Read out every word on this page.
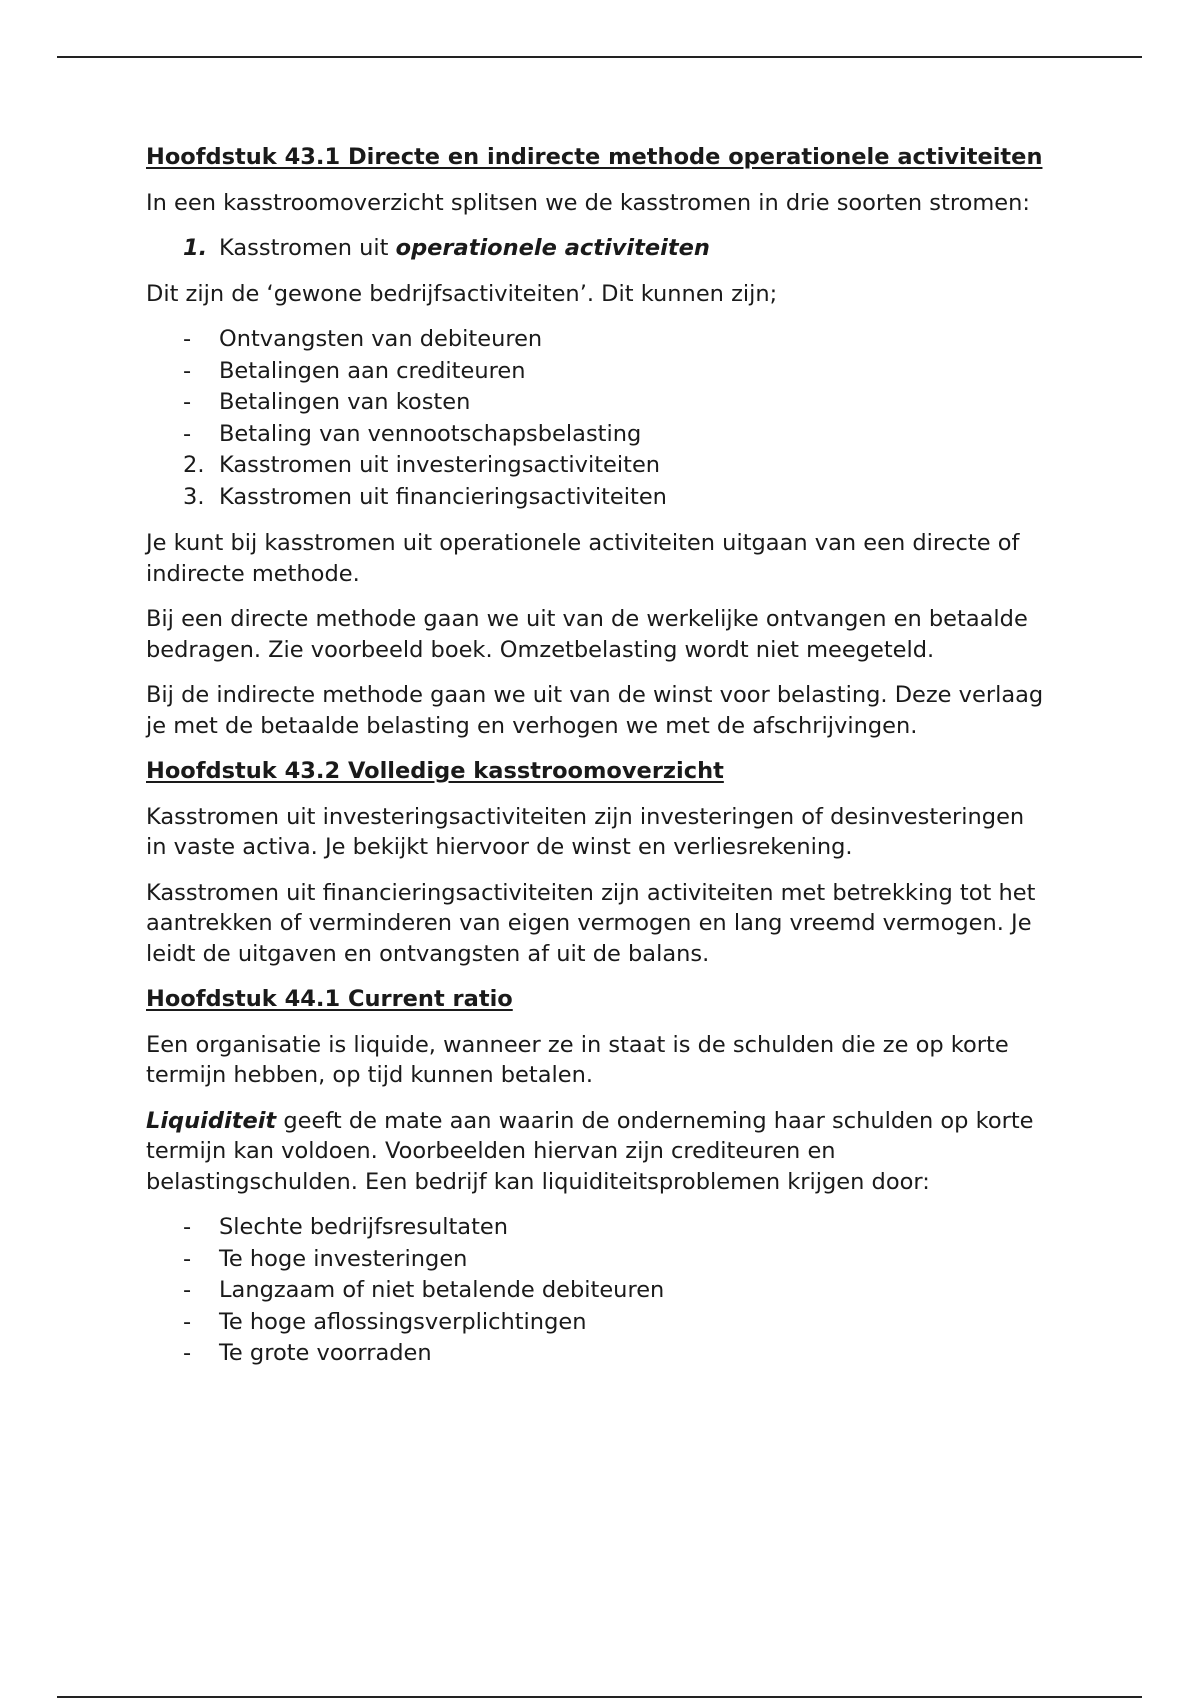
Hoofdstuk 43.1 Directe en indirecte methode operationele activiteiten
In een kasstroomoverzicht splitsen we de kasstromen in drie soorten stromen:
1. Kasstromen uit operationele activiteiten
Dit zijn de ‘gewone bedrijfsactiviteiten’. Dit kunnen zijn;
-	Ontvangsten van debiteuren
-	Betalingen aan crediteuren
-	Betalingen van kosten
-	Betaling van vennootschapsbelasting
2. Kasstromen uit investeringsactiviteiten
3. Kasstromen uit financieringsactiviteiten
Je kunt bij kasstromen uit operationele activiteiten uitgaan van een directe of indirecte methode.
Bij een directe methode gaan we uit van de werkelijke ontvangen en betaalde bedragen. Zie voorbeeld boek. Omzetbelasting wordt niet meegeteld.
Bij de indirecte methode gaan we uit van de winst voor belasting. Deze verlaag je met de betaalde belasting en verhogen we met de afschrijvingen.
Hoofdstuk 43.2 Volledige kasstroomoverzicht
Kasstromen uit investeringsactiviteiten zijn investeringen of desinvesteringen in vaste activa. Je bekijkt hiervoor de winst en verliesrekening.
Kasstromen uit financieringsactiviteiten zijn activiteiten met betrekking tot het aantrekken of verminderen van eigen vermogen en lang vreemd vermogen. Je leidt de uitgaven en ontvangsten af uit de balans.
Hoofdstuk 44.1 Current ratio
Een organisatie is liquide, wanneer ze in staat is de schulden die ze op korte termijn hebben, op tijd kunnen betalen.
Liquiditeit geeft de mate aan waarin de onderneming haar schulden op korte termijn kan voldoen. Voorbeelden hiervan zijn crediteuren en belastingschulden. Een bedrijf kan liquiditeitsproblemen krijgen door:
-	Slechte bedrijfsresultaten
-	Te hoge investeringen
-	Langzaam of niet betalende debiteuren
-	Te hoge aflossingsverplichtingen
-	Te grote voorraden
